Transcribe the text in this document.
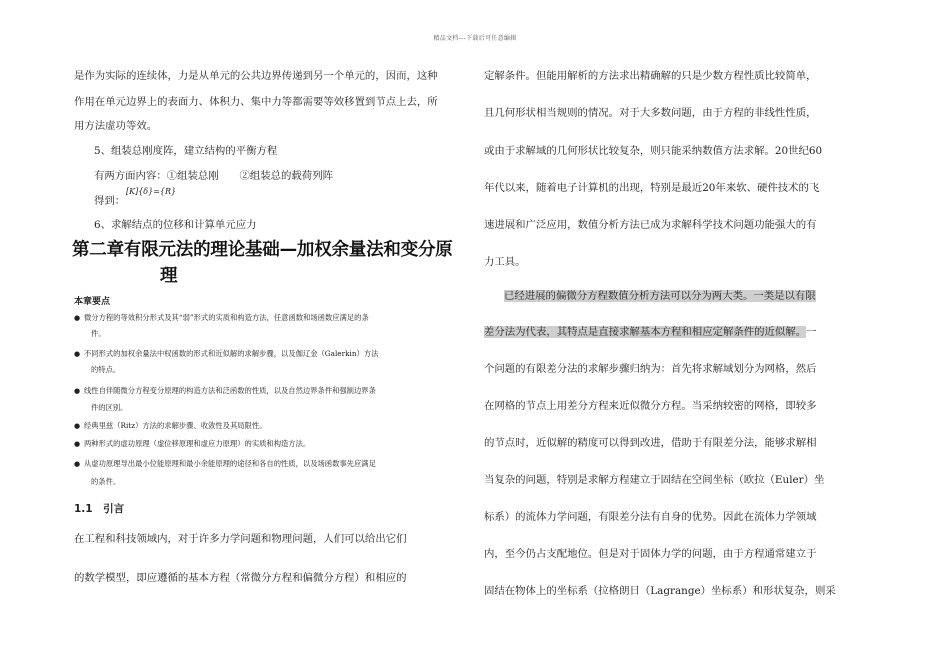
精品文档---下载后可任意编辑
是作为实际的连续体，力是从单元的公共边界传递到另一个单元的，因而，这种
作用在单元边界上的表面力、体积力、集中力等都需要等效移置到节点上去，所
用方法虚功等效。
5、组装总刚度阵，建立结构的平衡方程
有两方面内容：①组装总刚　　②组装总的载荷列阵
得到：
[K]{δ}={R}
6、求解结点的位移和计算单元应力
第二章有限元法的理论基础—加权余量法和变分原
理
本章要点
● 微分方程的等效积分形式及其“弱”形式的实质和构造方法，任意函数和场函数应满足的条
件。
● 不同形式的加权余量法中权函数的形式和近似解的求解步骤，以及伽辽金（Galerkin）方法
的特点。
● 线性自伴随微分方程变分原理的构造方法和泛函数的性质，以及自然边界条件和强制边界条
件的区别。
● 经典里兹（Ritz）方法的求解步骤、收敛性及其局限性。
● 两种形式的虚功原理（虚位移原理和虚应力原理）的实质和构造方法。
● 从虚功原理导出最小位能原理和最小余能原理的途径和各自的性质，以及场函数事先应满足
的条件。
1.1　引言
在工程和科技领域内，对于许多力学问题和物理问题，人们可以给出它们
的数学模型，即应遵循的基本方程（常微分方程和偏微分方程）和相应的
定解条件。但能用解析的方法求出精确解的只是少数方程性质比较简单，
且几何形状相当规则的情况。对于大多数问题，由于方程的非线性性质，
或由于求解域的几何形状比较复杂，则只能采纳数值方法求解。20世纪60
年代以来，随着电子计算机的出现，特别是最近20年来软、硬件技术的飞
速进展和广泛应用，数值分析方法已成为求解科学技术问题功能强大的有
力工具。
已经进展的偏微分方程数值分析方法可以分为两大类。一类是以有限
差分法为代表，其特点是直接求解基本方程和相应定解条件的近似解。一
个问题的有限差分法的求解步骤归纳为：首先将求解域划分为网格，然后
在网格的节点上用差分方程来近似微分方程。当采纳较密的网格，即较多
的节点时，近似解的精度可以得到改进，借助于有限差分法，能够求解相
当复杂的问题，特别是求解方程建立于固结在空间坐标（欧拉（Euler）坐
标系）的流体力学问题，有限差分法有自身的优势。因此在流体力学领域
内，至今仍占支配地位。但是对于固体力学的问题，由于方程通常建立于
固结在物体上的坐标系（拉格朗日（Lagrange）坐标系）和形状复杂，则采
